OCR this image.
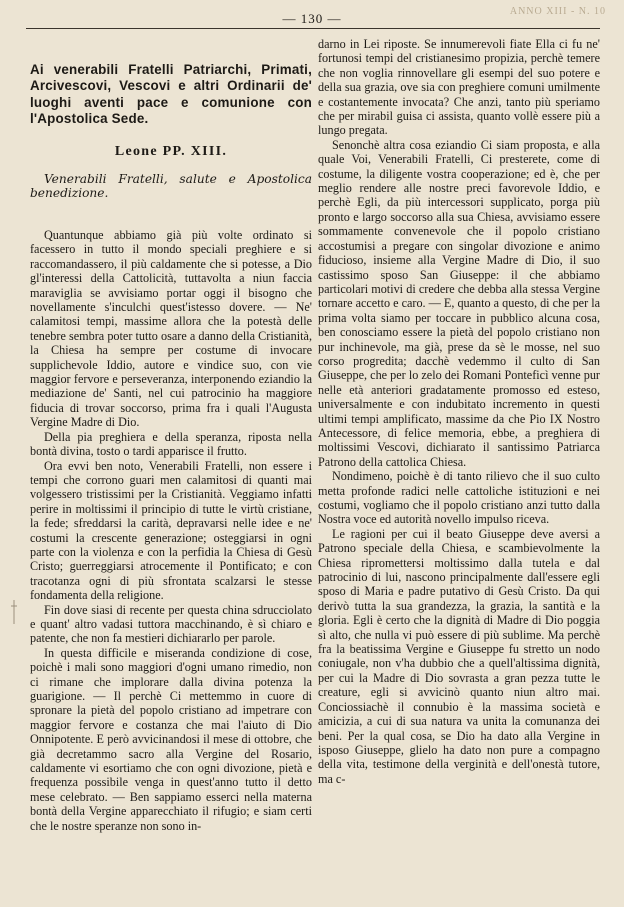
ANNO XIII - N. 10
— 130 —

Ai venerabili Fratelli Patriarchi, Primati, Arcivescovi, Vescovi e altri Ordinarii de' luoghi aventi pace e comunione con l'Apostolica Sede.

Leone PP. XIII.

Venerabili Fratelli, salute e Apostolica benedizione.

Quantunque abbiamo già più volte ordinato si facessero in tutto il mondo speciali preghiere e si raccomandassero, il più caldamente che si potesse, a Dio gl'interessi della Cattolicità, tuttavolta a niun faccia maraviglia se avvisiamo portar oggi il bisogno che novellamente s'inculchi quest'istesso dovere. — Ne' calamitosi tempi, massime allora che la potestà delle tenebre sembra poter tutto osare a danno della Cristianità, la Chiesa ha sempre per costume di invocare supplichevole Iddio, autore e vindice suo, con vie maggior fervore e perseveranza, interponendo eziandio la mediazione de' Santi, nel cui patrocinio ha maggiore fiducia di trovar soccorso, prima fra i quali l'Augusta Vergine Madre di Dio.

Della pia preghiera e della speranza, riposta nella bontà divina, tosto o tardi apparisce il frutto.

Ora evvi ben noto, Venerabili Fratelli, non essere i tempi che corrono guari men calamitosi di quanti mai volgessero tristissimi per la Cristianità. Veggiamo infatti perire in moltissimi il principio di tutte le virtù cristiane, la fede; sfreddarsi la carità, depravarsi nelle idee e ne' costumi la crescente generazione; osteggiarsi in ogni parte con la violenza e con la perfidia la Chiesa di Gesù Cristo; guerreggiarsi atrocemente il Pontificato; e con tracotanza ogni di più sfrontata scalzarsi le stesse fondamenta della religione.

Fin dove siasi di recente per questa china sdrucciolato e quant' altro vadasi tuttora macchinando, è sì chiaro e patente, che non fa mestieri dichiararlo per parole.

In questa difficile e miseranda condizione di cose, poichè i mali sono maggiori d'ogni umano rimedio, non ci rimane che implorare dalla divina potenza la guarigione. — Il perchè Ci mettemmo in cuore di spronare la pietà del popolo cristiano ad impetrare con maggior fervore e costanza che mai l'aiuto di Dio Onnipotente. E però avvicinandosi il mese di ottobre, che già decretammo sacro alla Vergine del Rosario, caldamente vi esortiamo che con ogni divozione, pietà e frequenza possibile venga in quest'anno tutto il detto mese celebrato. — Ben sappiamo esserci nella materna bontà della Vergine apparecchiato il rifugio; e siam certi che le nostre speranze non sono in-

darno in Lei riposte. Se innumerevoli fiate Ella ci fu ne' fortunosi tempi del cristianesimo propizia, perchè temere che non voglia rinnovellare gli esempi del suo potere e della sua grazia, ove sia con preghiere comuni umilmente e costantemente invocata? Che anzi, tanto più speriamo che per mirabil guisa ci assista, quanto vollè essere più a lungo pregata.

Senonchè altra cosa eziandio Ci siam proposta, e alla quale Voi, Venerabili Fratelli, Ci presterete, come di costume, la diligente vostra cooperazione; ed è, che per meglio rendere alle nostre preci favorevole Iddio, e perchè Egli, da più intercessori supplicato, porga più pronto e largo soccorso alla sua Chiesa, avvisiamo essere sommamente convenevole che il popolo cristiano accostumisi a pregare con singolar divozione e animo fiducioso, insieme alla Vergine Madre di Dio, il suo castissimo sposo San Giuseppe: il che abbiamo particolari motivi di credere che debba alla stessa Vergine tornare accetto e caro. — E, quanto a questo, di che per la prima volta siamo per toccare in pubblico alcuna cosa, ben conosciamo essere la pietà del popolo cristiano non pur inchinevole, ma già, prese da sè le mosse, nel suo corso progredita; dacchè vedemmo il culto di San Giuseppe, che per lo zelo dei Romani Ponteficì venne pur nelle età anteriori gradatamente promosso ed esteso, universalmente e con indubitato incremento in questi ultimi tempi amplificato, massime da che Pio IX Nostro Antecessore, di felice memoria, ebbe, a preghiera di moltissimi Vescovi, dichiarato il santissimo Patriarca Patrono della cattolica Chiesa.

Nondimeno, poichè è di tanto rilievo che il suo culto metta profonde radici nelle cattoliche istituzioni e nei costumi, vogliamo che il popolo cristiano anzi tutto dalla Nostra voce ed autorità novello impulso riceva.

Le ragioni per cui il beato Giuseppe deve aversi a Patrono speciale della Chiesa, e scambievolmente la Chiesa ripromettersi moltissimo dalla tutela e dal patrocinio di lui, nascono principalmente dall'essere egli sposo di Maria e padre putativo di Gesù Cristo. Da qui derivò tutta la sua grandezza, la grazia, la santità e la gloria. Egli è certo che la dignità di Madre di Dio poggia sì alto, che nulla vi può essere di più sublime. Ma perchè fra la beatissima Vergine e Giuseppe fu stretto un nodo coniugale, non v'ha dubbio che a quell'altissima dignità, per cui la Madre di Dio sovrasta a gran pezza tutte le creature, egli si avvicinò quanto niun altro mai. Conciossiachè il connubio è la massima società e amicizia, a cui di sua natura va unita la comunanza dei beni. Per la qual cosa, se Dio ha dato alla Vergine in isposo Giuseppe, glielo ha dato non pure a compagno della vita, testimone della verginità e dell'onestà tutore, ma c-
